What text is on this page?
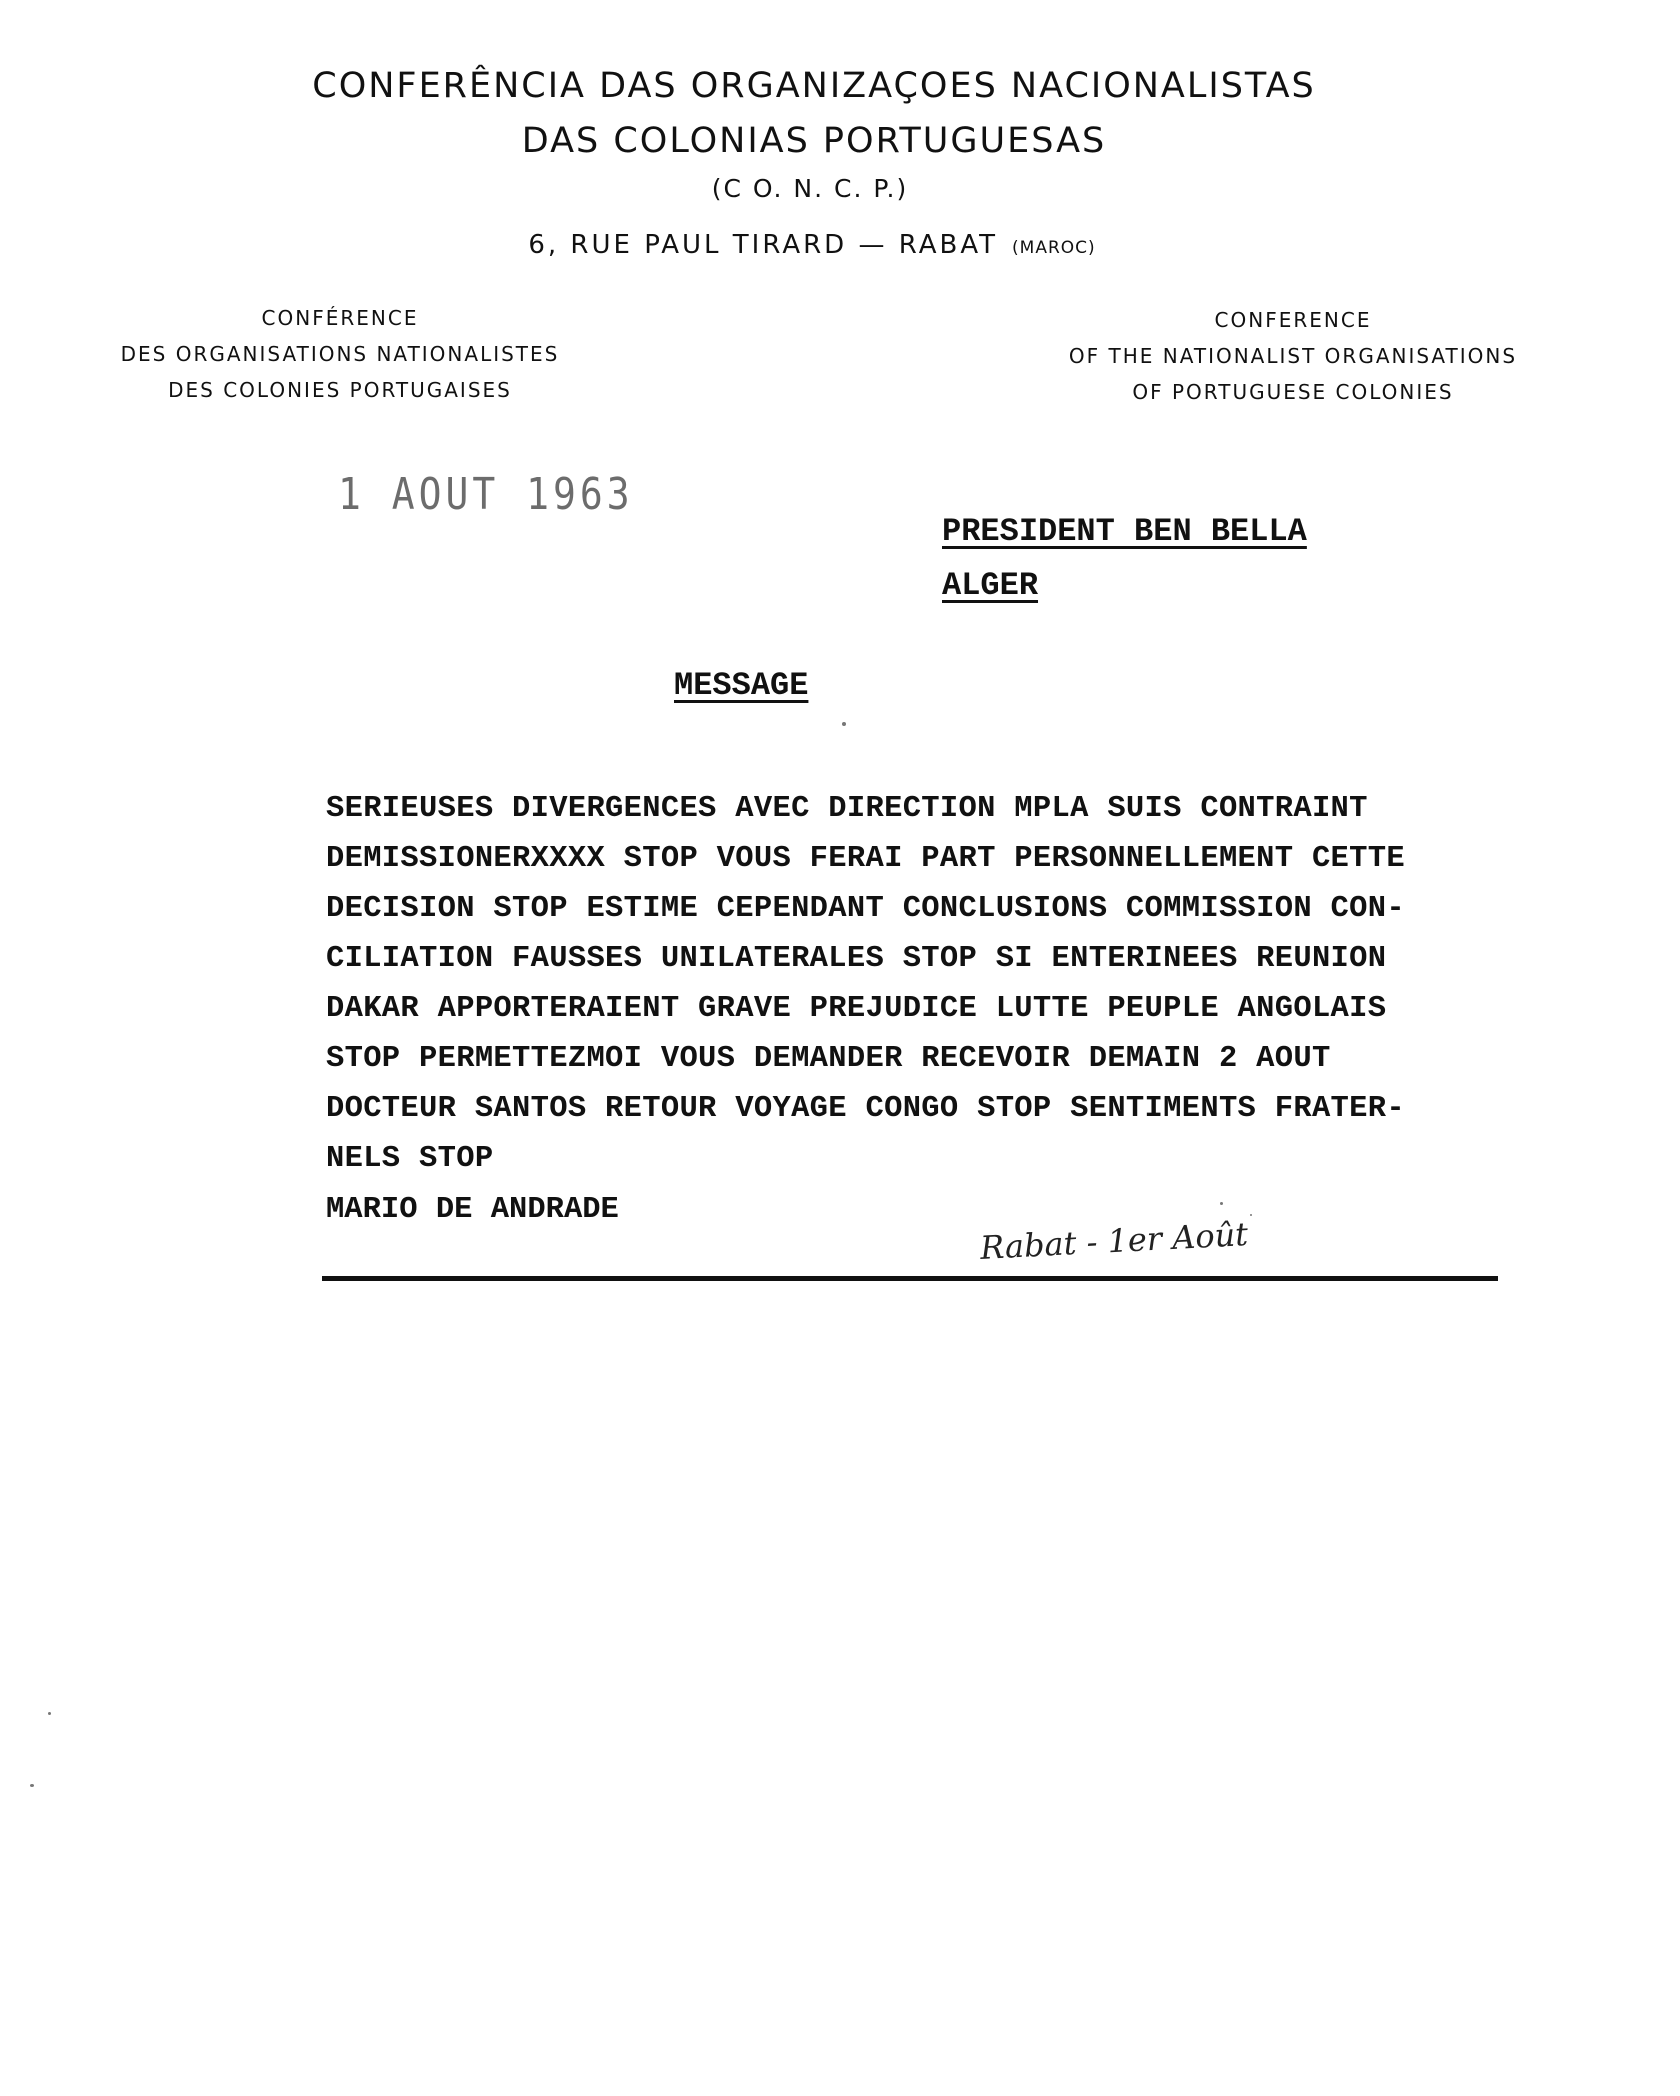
CONFERÊNCIA DAS ORGANIZAÇOES NACIONALISTAS
DAS COLONIAS PORTUGUESAS
(C O. N. C. P.)
6, RUE PAUL TIRARD — RABAT (MAROC)
CONFÉRENCE
DES ORGANISATIONS NATIONALISTES
DES COLONIES PORTUGAISES
CONFERENCE
OF THE NATIONALIST ORGANISATIONS
OF PORTUGUESE COLONIES
1 AOUT 1963
PRESIDENT BEN BELLA
ALGER
MESSAGE
SERIEUSES DIVERGENCES AVEC DIRECTION MPLA SUIS CONTRAINT
DEMISSIONERXXXX STOP VOUS FERAI PART PERSONNELLEMENT CETTE
DECISION STOP ESTIME CEPENDANT CONCLUSIONS COMMISSION CON-
CILIATION FAUSSES UNILATERALES STOP SI ENTERINEES REUNION
DAKAR APPORTERAIENT GRAVE PREJUDICE LUTTE PEUPLE ANGOLAIS
STOP PERMETTEZMOI VOUS DEMANDER RECEVOIR DEMAIN 2 AOUT
DOCTEUR SANTOS RETOUR VOYAGE CONGO STOP SENTIMENTS FRATER-
NELS STOP
MARIO DE ANDRADE
Rabat - 1er Août
